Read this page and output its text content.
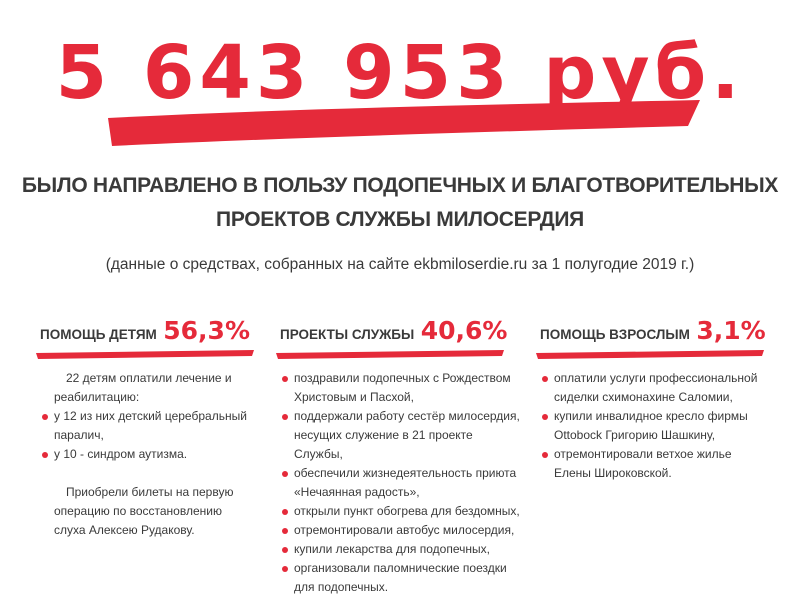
5 643 953 руб.
БЫЛО НАПРАВЛЕНО В ПОЛЬЗУ ПОДОПЕЧНЫХ И БЛАГОТВОРИТЕЛЬНЫХ
ПРОЕКТОВ СЛУЖБЫ МИЛОСЕРДИЯ
(данные о средствах, собранных на сайте ekbmiloserdie.ru за 1 полугодие 2019 г.)
ПОМОЩЬ ДЕТЯМ 56,3%
22 детям оплатили лечение и реабилитацию:
у 12 из них детский церебральный паралич,
у 10 - синдром аутизма.
Приобрели билеты на первую операцию по восстановлению слуха Алексею Рудакову.
ПРОЕКТЫ СЛУЖБЫ 40,6%
поздравили подопечных с Рождеством Христовым и Пасхой,
поддержали работу сестёр милосердия, несущих служение в 21 проекте Службы,
обеспечили жизнедеятельность приюта «Нечаянная радость»,
открыли пункт обогрева для бездомных,
отремонтировали автобус милосердия,
купили лекарства для подопечных,
организовали паломнические поездки для подопечных.
ПОМОЩЬ ВЗРОСЛЫМ 3,1%
оплатили услуги профессиональной сиделки схимонахине Саломии,
купили инвалидное кресло фирмы Ottobock Григорию Шашкину,
отремонтировали ветхое жилье Елены Широковской.
